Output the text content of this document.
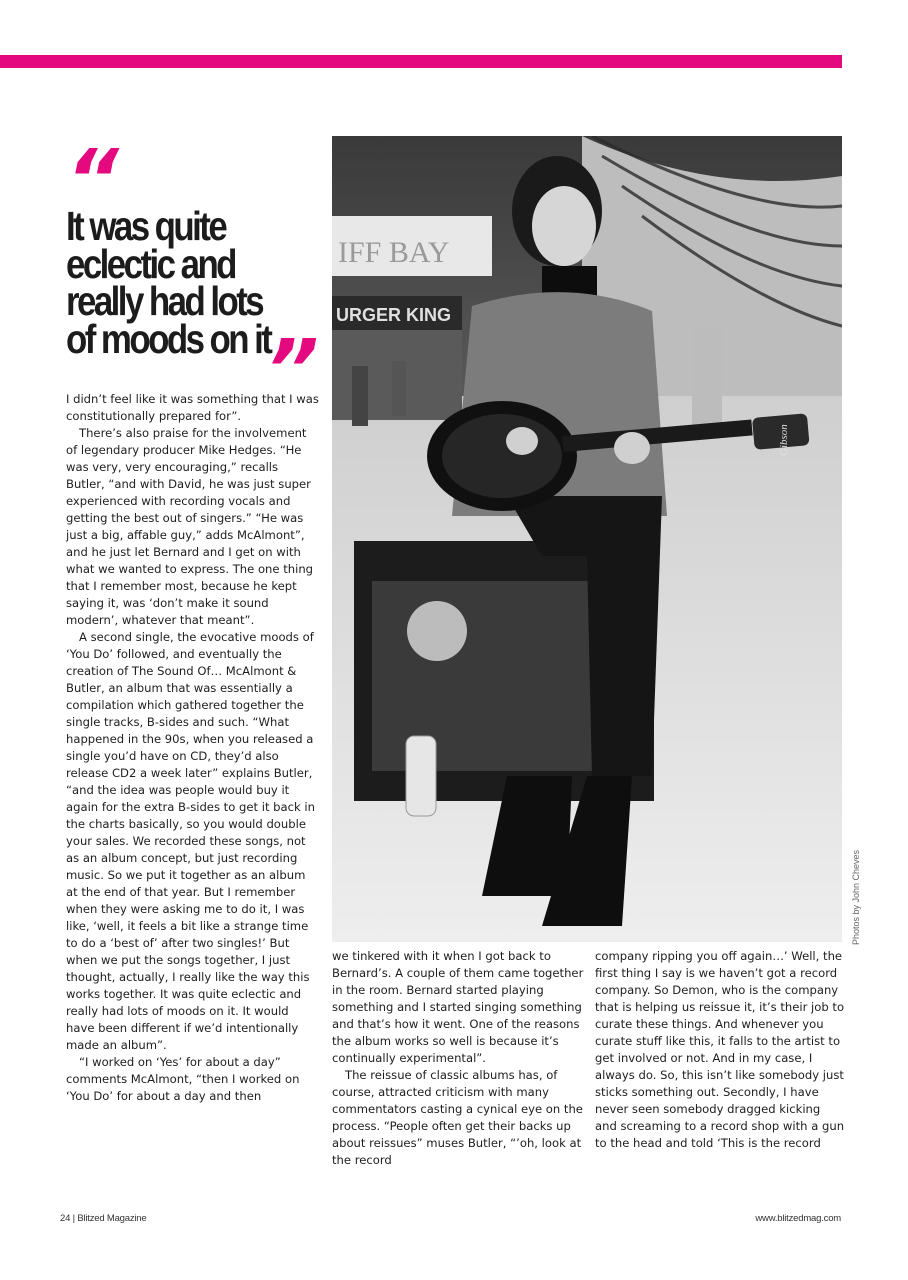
“
It was quite eclectic and really had lots of moods on it
”

I didn’t feel like it was something that I was constitutionally prepared for”.

There’s also praise for the involvement of legendary producer Mike Hedges. “He was very, very encouraging,” recalls Butler, “and with David, he was just super experienced with recording vocals and getting the best out of singers.” “He was just a big, affable guy,” adds McAlmont”, and he just let Bernard and I get on with what we wanted to express. The one thing that I remember most, because he kept saying it, was ‘don’t make it sound modern’, whatever that meant”.

A second single, the evocative moods of ‘You Do’ followed, and eventually the creation of The Sound Of… McAlmont & Butler, an album that was essentially a compilation which gathered together the single tracks, B-sides and such. “What happened in the 90s, when you released a single you’d have on CD, they’d also release CD2 a week later” explains Butler, “and the idea was people would buy it again for the extra B-sides to get it back in the charts basically, so you would double your sales. We recorded these songs, not as an album concept, but just recording music. So we put it together as an album at the end of that year. But I remember when they were asking me to do it, I was like, ‘well, it feels a bit like a strange time to do a ‘best of’ after two singles!’ But when we put the songs together, I just thought, actually, I really like the way this works together. It was quite eclectic and really had lots of moods on it. It would have been different if we’d intentionally made an album”.

“I worked on ‘Yes’ for about a day” comments McAlmont, “then I worked on ‘You Do’ for about a day and then

IFF BAY
URGER KING
Gibson
Photos by John Cheves

we tinkered with it when I got back to Bernard’s. A couple of them came together in the room. Bernard started playing something and I started singing something and that’s how it went. One of the reasons the album works so well is because it’s continually experimental”.

The reissue of classic albums has, of course, attracted criticism with many commentators casting a cynical eye on the process. “People often get their backs up about reissues” muses Butler, “’oh, look at the record

company ripping you off again…’ Well, the first thing I say is we haven’t got a record company. So Demon, who is the company that is helping us reissue it, it’s their job to curate these things. And whenever you curate stuff like this, it falls to the artist to get involved or not. And in my case, I always do. So, this isn’t like somebody just sticks something out. Secondly, I have never seen somebody dragged kicking and screaming to a record shop with a gun to the head and told ‘This is the record

24 | Blitzed Magazine	www.blitzedmag.com
